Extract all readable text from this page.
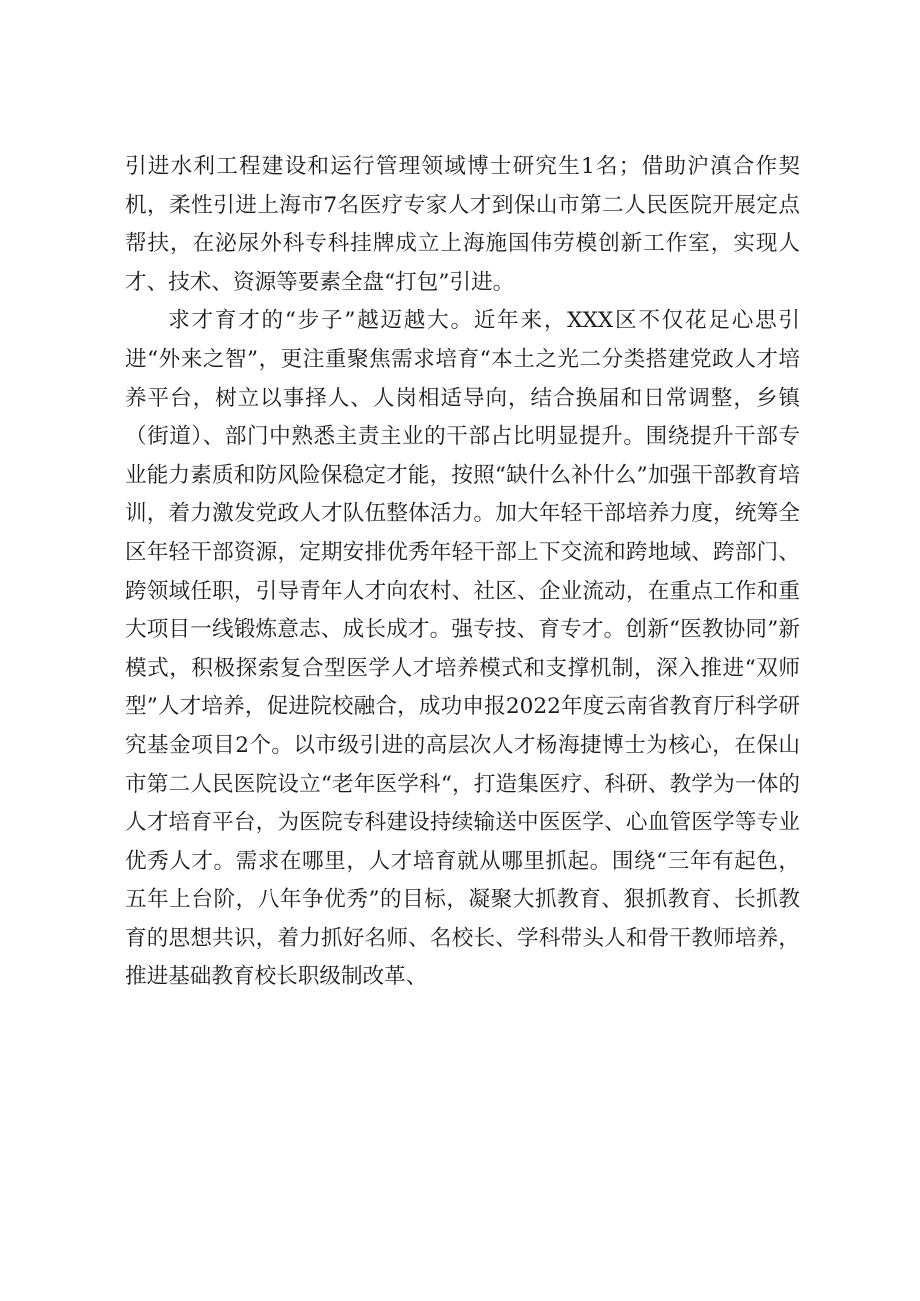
引进水利工程建设和运行管理领域博士研究生1名；借助沪滇合作契机，柔性引进上海市7名医疗专家人才到保山市第二人民医院开展定点帮扶，在泌尿外科专科挂牌成立上海施国伟劳模创新工作室，实现人才、技术、资源等要素全盘“打包”引进。

求才育才的“步子”越迈越大。近年来，XXX区不仅花足心思引进“外来之智”，更注重聚焦需求培育“本土之光二分类搭建党政人才培养平台，树立以事择人、人岗相适导向，结合换届和日常调整，乡镇（街道）、部门中熟悉主责主业的干部占比明显提升。围绕提升干部专业能力素质和防风险保稳定才能，按照“缺什么补什么”加强干部教育培训，着力激发党政人才队伍整体活力。加大年轻干部培养力度，统筹全区年轻干部资源，定期安排优秀年轻干部上下交流和跨地域、跨部门、跨领域任职，引导青年人才向农村、社区、企业流动，在重点工作和重大项目一线锻炼意志、成长成才。强专技、育专才。创新“医教协同”新模式，积极探索复合型医学人才培养模式和支撑机制，深入推进“双师型”人才培养，促进院校融合，成功申报2022年度云南省教育厅科学研究基金项目2个。以市级引进的高层次人才杨海捷博士为核心，在保山市第二人民医院设立“老年医学科“，打造集医疗、科研、教学为一体的人才培育平台，为医院专科建设持续输送中医医学、心血管医学等专业优秀人才。需求在哪里，人才培育就从哪里抓起。围绕“三年有起色，五年上台阶，八年争优秀”的目标，凝聚大抓教育、狠抓教育、长抓教育的思想共识，着力抓好名师、名校长、学科带头人和骨干教师培养，推进基础教育校长职级制改革、
